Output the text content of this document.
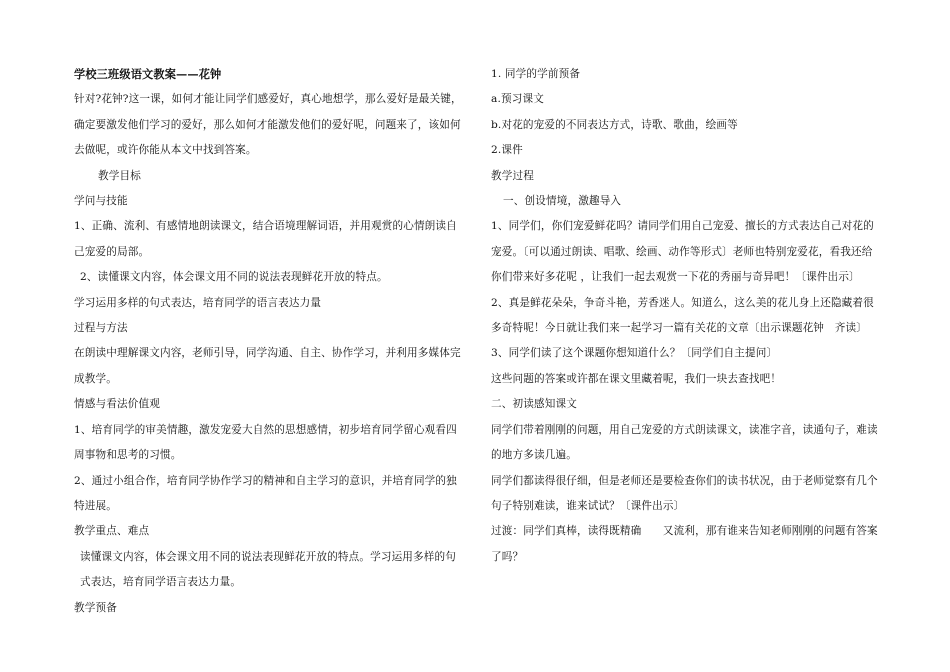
学校三班级语文教案——花钟

针对?花钟?这一课，如何才能让同学们感爱好，真心地想学，那么爱好是最关键，确定要激发他们学习的爱好，那么如何才能激发他们的爱好呢，问题来了，该如何去做呢，或许你能从本文中找到答案。

教学目标

学问与技能

1、正确、流利、有感情地朗读课文，结合语境理解词语，并用观赏的心情朗读自己宠爱的局部。

2、读懂课文内容，体会课文用不同的说法表现鲜花开放的特点。

学习运用多样的句式表达，培育同学的语言表达力量

过程与方法

在朗读中理解课文内容，老师引导，同学沟通、自主、协作学习，并利用多媒体完成教学。

情感与看法价值观

1、培育同学的审美情趣，激发宠爱大自然的思想感情，初步培育同学留心观看四周事物和思考的习惯。

2、通过小组合作，培育同学协作学习的精神和自主学习的意识，并培育同学的独特进展。

教学重点、难点

读懂课文内容，体会课文用不同的说法表现鲜花开放的特点。学习运用多样的句式表达，培育同学语言表达力量。

教学预备

1. 同学的学前预备

a.预习课文

b.对花的宠爱的不同表达方式，诗歌、歌曲，绘画等

2.课件

教学过程

一、创设情境，激趣导入

1、同学们，你们宠爱鲜花吗？请同学们用自己宠爱、擅长的方式表达自己对花的宠爱。〔可以通过朗读、唱歌、绘画、动作等形式〕老师也特别宠爱花，看我还给你们带来好多花呢 ，让我们一起去观赏一下花的秀丽与奇异吧！〔课件出示〕

2、真是鲜花朵朵，争奇斗艳，芳香迷人。知道么，这么美的花儿身上还隐藏着很多奇特呢！今日就让我们来一起学习一篇有关花的文章〔出示课题花钟　齐读〕

3、同学们读了这个课题你想知道什么？〔同学们自主提问〕

这些问题的答案或许都在课文里藏着呢，我们一块去查找吧！

二、初读感知课文

同学们带着刚刚的问题，用自己宠爱的方式朗读课文，读准字音，读通句子，难读的地方多读几遍。

同学们都读得很仔细，但是老师还是要检查你们的读书状况，由于老师觉察有几个句子特别难读，谁来试试？〔课件出示〕

过渡：同学们真棒，读得既精确　　又流利，那有谁来告知老师刚刚的问题有答案了吗？
